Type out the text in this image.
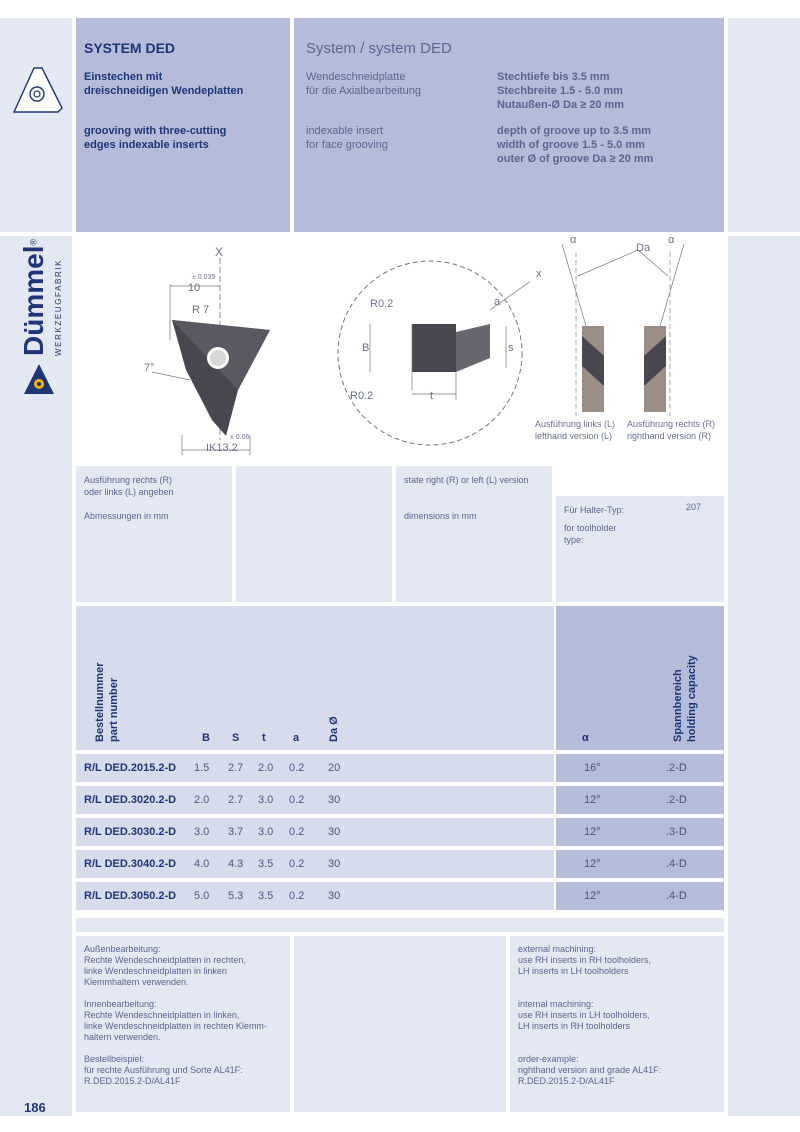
Dümmel®
WERKZEUGFABRIK
SYSTEM DED
Einstechen mit
dreischneidigen Wendeplatten
grooving with three-cutting
edges indexable inserts
System / system DED
Wendeschneidplatte
für die Axialbearbeitung
indexable insert
for face grooving
Stechtiefe bis 3.5 mm
Stechbreite 1.5 - 5.0 mm
Nutaußen-Ø Da ≥ 20 mm
depth of groove up to 3.5 mm
width of groove 1.5 - 5.0 mm
outer Ø of groove Da ≥ 20 mm
X
± 0.035
10
R 7
7°
± 0.06
IK13.2
x
R0.2
B
a
s
R0.2	t
α	α
Da
Ausführung links (L)
lefthand version (L)
Ausführung rechts (R)
righthand version (R)
Ausführung rechts (R)
oder links (L) angeben
Abmessungen in mm
state right (R) or left (L) version
dimensions in mm
Für Halter-Typ:
for toolholder
type:
207
Bestellnummer part number	Da Ø	Spannbereich holding capacity
B S t a	α
R/L DED.2015.2-D 1.5 2.7 2.0 0.2 20	16°	.2-D
R/L DED.3020.2-D 2.0 2.7 3.0 0.2 30	12°	.2-D
R/L DED.3030.2-D 3.0 3.7 3.0 0.2 30	12°	.3-D
R/L DED.3040.2-D 4.0 4.3 3.5 0.2 30	12°	.4-D
R/L DED.3050.2-D 5.0 5.3 3.5 0.2 30	12°	.4-D
Außenbearbeitung:
Rechte Wendeschneidplatten in rechten,
linke Wendeschneidplatten in linken
Klemmhaltern verwenden.

Innenbearbeitung:
Rechte Wendeschneidplatten in linken,
linke Wendeschneidplatten in rechten Klemm-
haltern verwenden.

Bestellbeispiel:
für rechte Ausführung und Sorte AL41F:
R.DED.2015.2-D/AL41F
external machining:
use RH inserts in RH toolholders,
LH inserts in LH toolholders

internal machining:
use RH inserts in LH toolholders,
LH inserts in RH toolholders

order-example:
righthand version and grade AL41F:
R.DED.2015.2-D/AL41F
186
